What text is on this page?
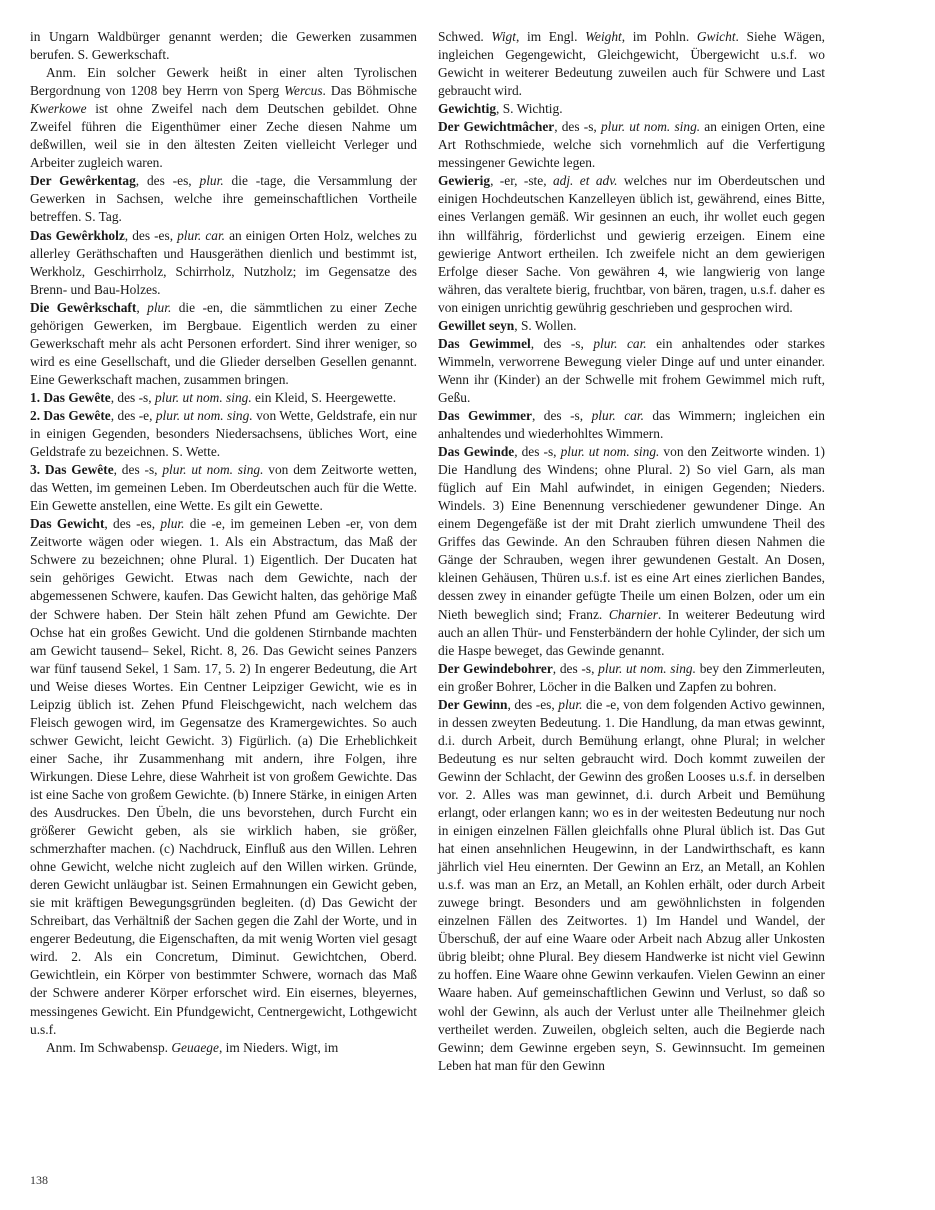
in Ungarn Waldbürger genannt werden; die Gewerken zusammen berufen. S. Gewerkschaft.

Anm. Ein solcher Gewerk heißt in einer alten Tyrolischen Bergordnung von 1208 bey Herrn von Sperg Wercus. Das Böhmische Kwerkowe ist ohne Zweifel nach dem Deutschen gebildet. Ohne Zweifel führen die Eigenthümer einer Zeche diesen Nahme um deßwillen, weil sie in den ältesten Zeiten vielleicht Verleger und Arbeiter zugleich waren.

Der Gewêrkentag, des -es, plur. die -tage, die Versammlung der Gewerken in Sachsen, welche ihre gemeinschaftlichen Vortheile betreffen. S. Tag.

Das Gewêrkholz, des -es, plur. car. an einigen Orten Holz, welches zu allerley Geräthschaften und Hausgeräthen dienlich und bestimmt ist, Werkholz, Geschirrholz, Schirrholz, Nutzholz; im Gegensatze des Brenn- und Bau-Holzes.

Die Gewêrkschaft, plur. die -en, die sämmtlichen zu einer Zeche gehörigen Gewerken, im Bergbaue. Eigentlich werden zu einer Gewerkschaft mehr als acht Personen erfordert. Sind ihrer weniger, so wird es eine Gesellschaft, und die Glieder derselben Gesellen genannt. Eine Gewerkschaft machen, zusammen bringen.

1. Das Gewête, des -s, plur. ut nom. sing. ein Kleid, S. Heergewette.

2. Das Gewête, des -e, plur. ut nom. sing. von Wette, Geldstrafe, ein nur in einigen Gegenden, besonders Niedersachsens, übliches Wort, eine Geldstrafe zu bezeichnen. S. Wette.

3. Das Gewête, des -s, plur. ut nom. sing. von dem Zeitworte wetten, das Wetten, im gemeinen Leben. Im Oberdeutschen auch für die Wette. Ein Gewette anstellen, eine Wette. Es gilt ein Gewette.

Das Gewicht, des -es, plur. die -e, im gemeinen Leben -er, von dem Zeitworte wägen oder wiegen. 1. Als ein Abstractum, das Maß der Schwere zu bezeichnen; ohne Plural. 1) Eigentlich. Der Ducaten hat sein gehöriges Gewicht. Etwas nach dem Gewichte, nach der abgemessenen Schwere, kaufen. Das Gewicht halten, das gehörige Maß der Schwere haben. Der Stein hält zehen Pfund am Gewichte. Der Ochse hat ein großes Gewicht. Und die goldenen Stirnbande machten am Gewicht tausend– Sekel, Richt. 8, 26. Das Gewicht seines Panzers war fünf tausend Sekel, 1 Sam. 17, 5. 2) In engerer Bedeutung, die Art und Weise dieses Wortes. Ein Centner Leipziger Gewicht, wie es in Leipzig üblich ist. Zehen Pfund Fleischgewicht, nach welchem das Fleisch gewogen wird, im Gegensatze des Kramergewichtes. So auch schwer Gewicht, leicht Gewicht. 3) Figürlich. (a) Die Erheblichkeit einer Sache, ihr Zusammenhang mit andern, ihre Folgen, ihre Wirkungen. Diese Lehre, diese Wahrheit ist von großem Gewichte. Das ist eine Sache von großem Gewichte. (b) Innere Stärke, in einigen Arten des Ausdruckes. Den Übeln, die uns bevorstehen, durch Furcht ein größerer Gewicht geben, als sie wirklich haben, sie größer, schmerzhafter machen. (c) Nachdruck, Einfluß aus den Willen. Lehren ohne Gewicht, welche nicht zugleich auf den Willen wirken. Gründe, deren Gewicht unläugbar ist. Seinen Ermahnungen ein Gewicht geben, sie mit kräftigen Bewegungsgründen begleiten. (d) Das Gewicht der Schreibart, das Verhältniß der Sachen gegen die Zahl der Worte, und in engerer Bedeutung, die Eigenschaften, da mit wenig Worten viel gesagt wird. 2. Als ein Concretum, Diminut. Gewichtchen, Oberd. Gewichtlein, ein Körper von bestimmter Schwere, wornach das Maß der Schwere anderer Körper erforschet wird. Ein eisernes, bleyernes, messingenes Gewicht. Ein Pfundgewicht, Centnergewicht, Lothgewicht u.s.f.

Anm. Im Schwabensp. Geuaege, im Nieders. Wigt, im

Schwed. Wigt, im Engl. Weight, im Pohln. Gwicht. Siehe Wägen, ingleichen Gegengewicht, Gleichgewicht, Übergewicht u.s.f. wo Gewicht in weiterer Bedeutung zuweilen auch für Schwere und Last gebraucht wird.

Gewichtig, S. Wichtig.

Der Gewichtmâcher, des -s, plur. ut nom. sing. an einigen Orten, eine Art Rothschmiede, welche sich vornehmlich auf die Verfertigung messingener Gewichte legen.

Gewierig, -er, -ste, adj. et adv. welches nur im Oberdeutschen und einigen Hochdeutschen Kanzelleyen üblich ist, gewährend, eines Bitte, eines Verlangen gemäß. Wir gesinnen an euch, ihr wollet euch gegen ihn willfährig, förderlichst und gewierig erzeigen. Einem eine gewierige Antwort ertheilen. Ich zweifele nicht an dem gewierigen Erfolge dieser Sache. Von gewähren 4, wie langwierig von lange währen, das veraltete bierig, fruchtbar, von bären, tragen, u.s.f. daher es von einigen unrichtig gewührig geschrieben und gesprochen wird.

Gewillet seyn, S. Wollen.

Das Gewimmel, des -s, plur. car. ein anhaltendes oder starkes Wimmeln, verworrene Bewegung vieler Dinge auf und unter einander. Wenn ihr (Kinder) an der Schwelle mit frohem Gewimmel mich ruft, Geßu.

Das Gewimmer, des -s, plur. car. das Wimmern; ingleichen ein anhaltendes und wiederhohltes Wimmern.

Das Gewinde, des -s, plur. ut nom. sing. von den Zeitworte winden. 1) Die Handlung des Windens; ohne Plural. 2) So viel Garn, als man füglich auf Ein Mahl aufwindet, in einigen Gegenden; Nieders. Windels. 3) Eine Benennung verschiedener gewundener Dinge. An einem Degengefäße ist der mit Draht zierlich umwundene Theil des Griffes das Gewinde. An den Schrauben führen diesen Nahmen die Gänge der Schrauben, wegen ihrer gewundenen Gestalt. An Dosen, kleinen Gehäusen, Thüren u.s.f. ist es eine Art eines zierlichen Bandes, dessen zwey in einander gefügte Theile um einen Bolzen, oder um ein Nieth beweglich sind; Franz. Charnier. In weiterer Bedeutung wird auch an allen Thür- und Fensterbändern der hohle Cylinder, der sich um die Haspe beweget, das Gewinde genannt.

Der Gewindebohrer, des -s, plur. ut nom. sing. bey den Zimmerleuten, ein großer Bohrer, Löcher in die Balken und Zapfen zu bohren.

Der Gewinn, des -es, plur. die -e, von dem folgenden Activo gewinnen, in dessen zweyten Bedeutung. 1. Die Handlung, da man etwas gewinnt, d.i. durch Arbeit, durch Bemühung erlangt, ohne Plural; in welcher Bedeutung es nur selten gebraucht wird. Doch kommt zuweilen der Gewinn der Schlacht, der Gewinn des großen Looses u.s.f. in derselben vor. 2. Alles was man gewinnet, d.i. durch Arbeit und Bemühung erlangt, oder erlangen kann; wo es in der weitesten Bedeutung nur noch in einigen einzelnen Fällen gleichfalls ohne Plural üblich ist. Das Gut hat einen ansehnlichen Heugewinn, in der Landwirthschaft, es kann jährlich viel Heu einernten. Der Gewinn an Erz, an Metall, an Kohlen u.s.f. was man an Erz, an Metall, an Kohlen erhält, oder durch Arbeit zuwege bringt. Besonders und am gewöhnlichsten in folgenden einzelnen Fällen des Zeitwortes. 1) Im Handel und Wandel, der Überschuß, der auf eine Waare oder Arbeit nach Abzug aller Unkosten übrig bleibt; ohne Plural. Bey diesem Handwerke ist nicht viel Gewinn zu hoffen. Eine Waare ohne Gewinn verkaufen. Vielen Gewinn an einer Waare haben. Auf gemeinschaftlichen Gewinn und Verlust, so daß so wohl der Gewinn, als auch der Verlust unter alle Theilnehmer gleich vertheilet werden. Zuweilen, obgleich selten, auch die Begierde nach Gewinn; dem Gewinne ergeben seyn, S. Gewinnsucht. Im gemeinen Leben hat man für den Gewinn

138
